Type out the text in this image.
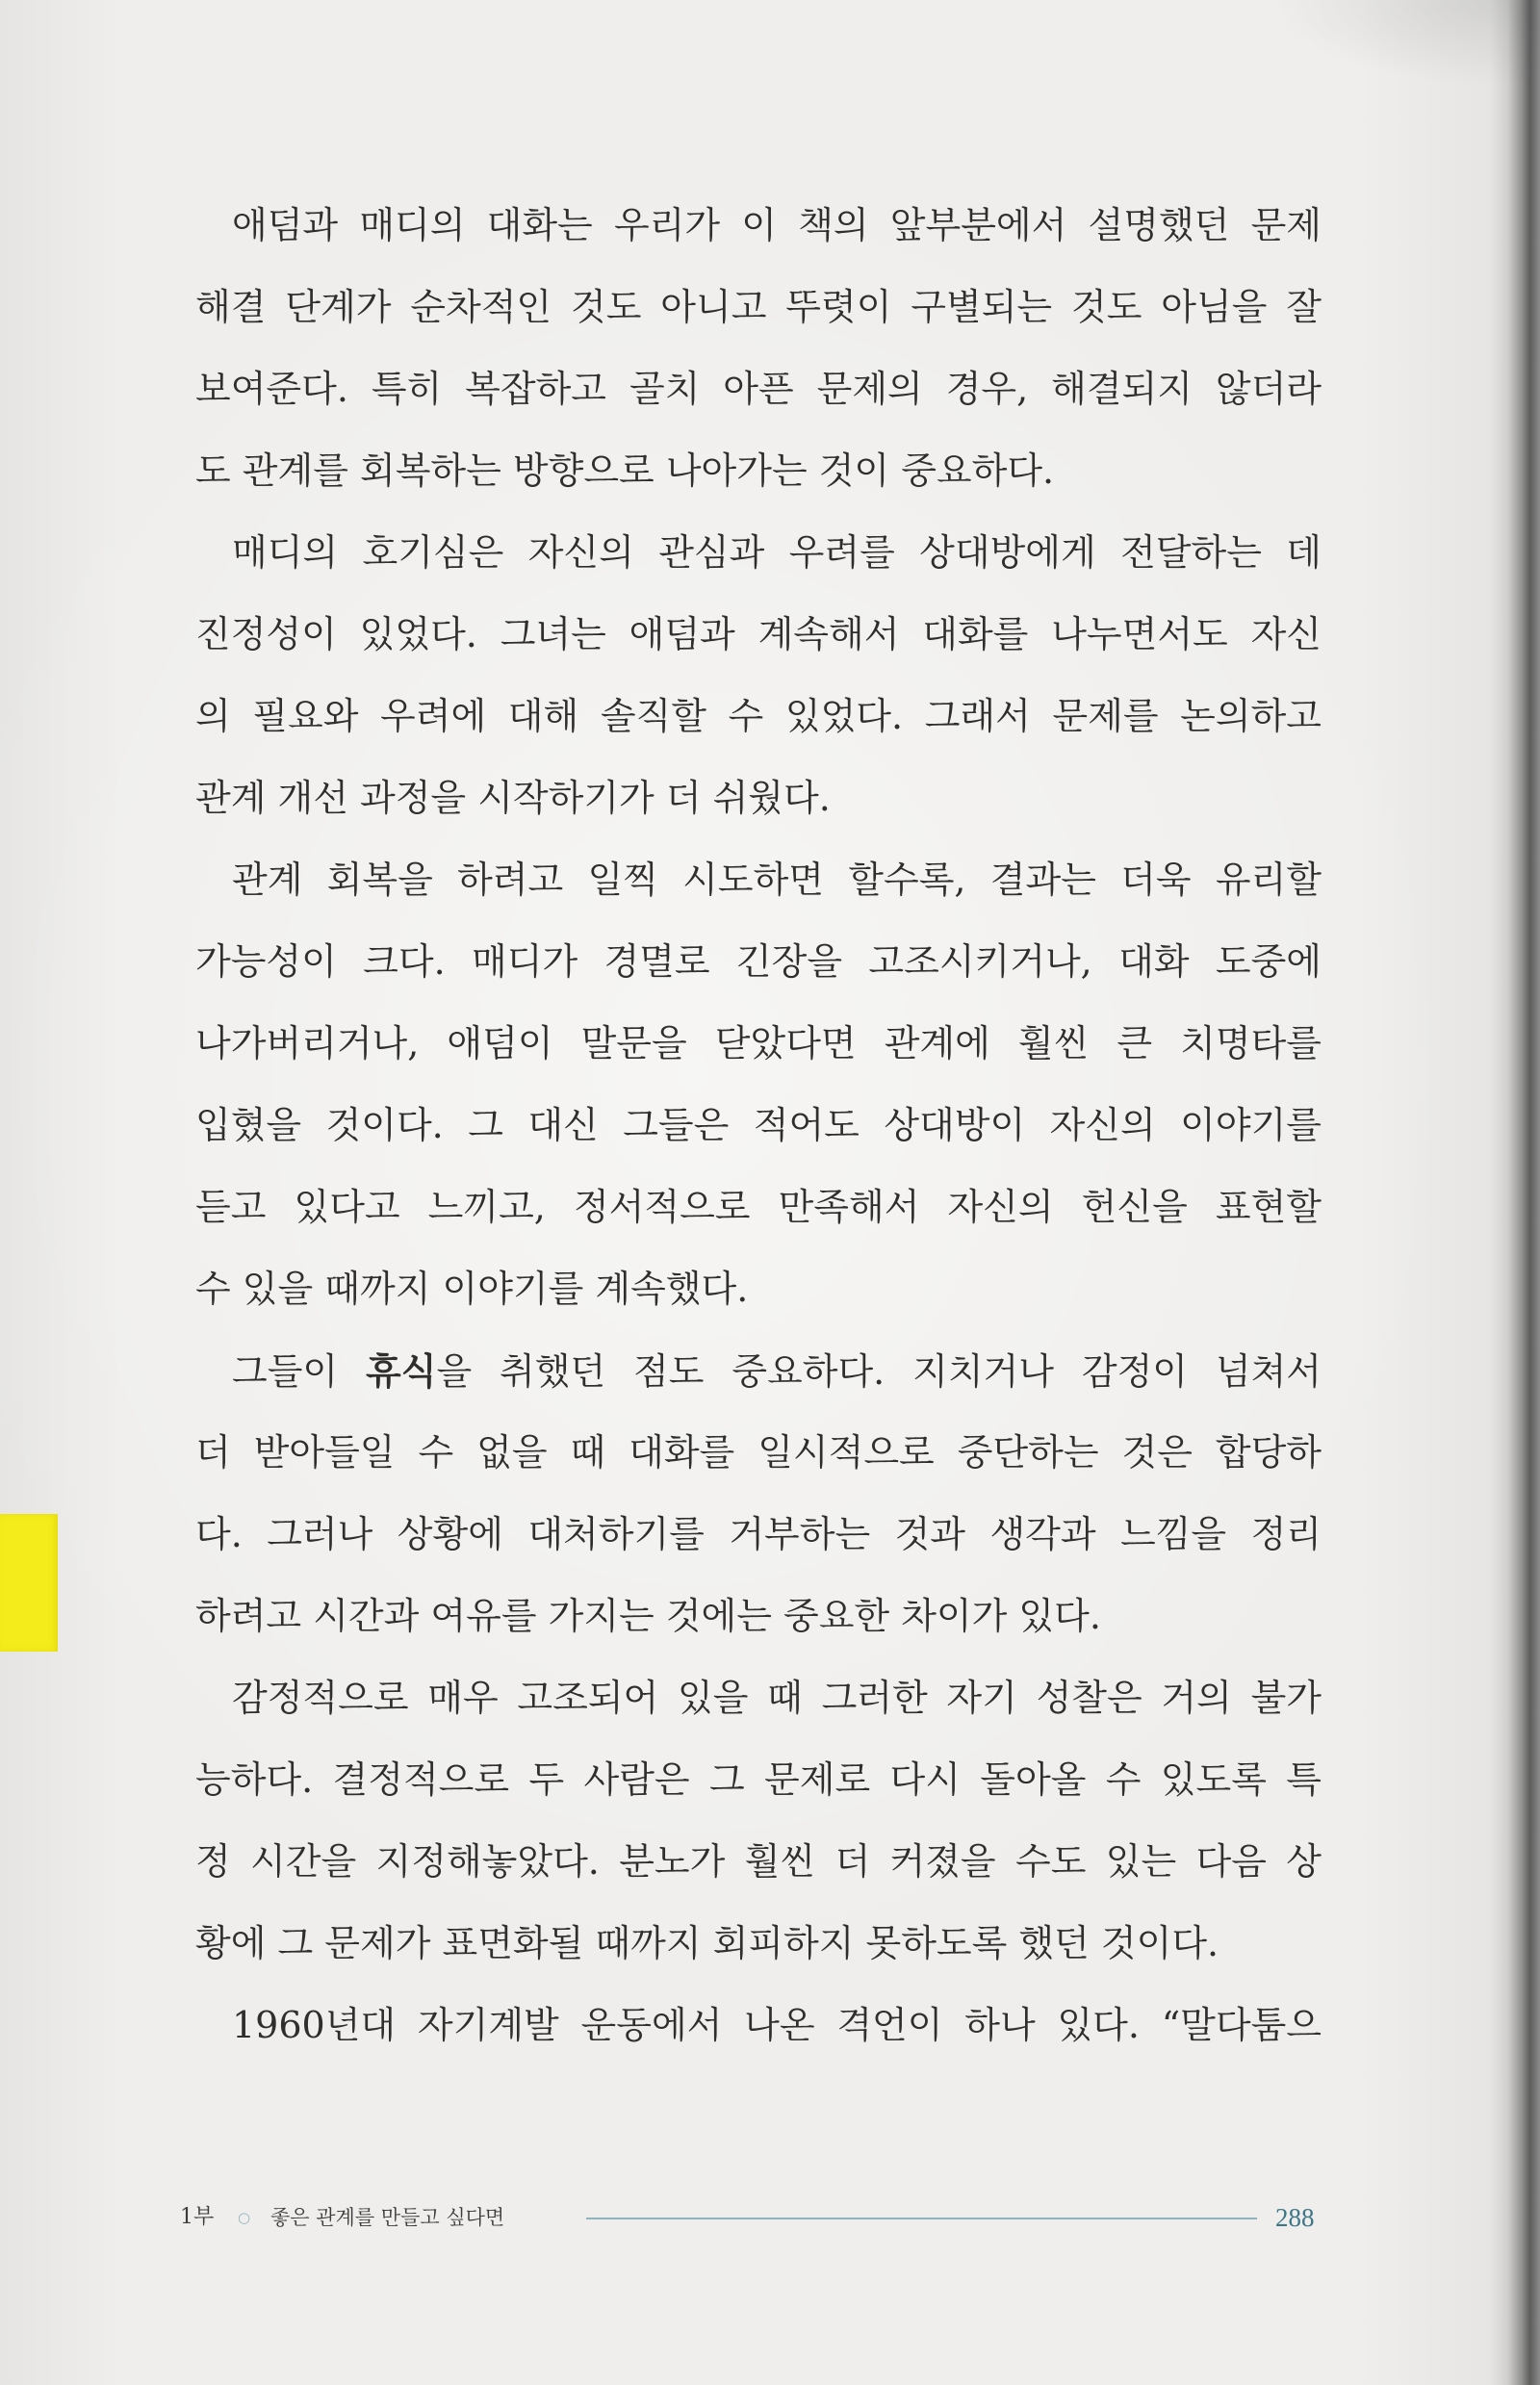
애덤과 매디의 대화는 우리가 이 책의 앞부분에서 설명했던 문제
해결 단계가 순차적인 것도 아니고 뚜렷이 구별되는 것도 아님을 잘
보여준다. 특히 복잡하고 골치 아픈 문제의 경우, 해결되지 않더라
도 관계를 회복하는 방향으로 나아가는 것이 중요하다.
매디의 호기심은 자신의 관심과 우려를 상대방에게 전달하는 데
진정성이 있었다. 그녀는 애덤과 계속해서 대화를 나누면서도 자신
의 필요와 우려에 대해 솔직할 수 있었다. 그래서 문제를 논의하고
관계 개선 과정을 시작하기가 더 쉬웠다.
관계 회복을 하려고 일찍 시도하면 할수록, 결과는 더욱 유리할
가능성이 크다. 매디가 경멸로 긴장을 고조시키거나, 대화 도중에
나가버리거나, 애덤이 말문을 닫았다면 관계에 훨씬 큰 치명타를
입혔을 것이다. 그 대신 그들은 적어도 상대방이 자신의 이야기를
듣고 있다고 느끼고, 정서적으로 만족해서 자신의 헌신을 표현할
수 있을 때까지 이야기를 계속했다.
그들이 휴식을 취했던 점도 중요하다. 지치거나 감정이 넘쳐서
더 받아들일 수 없을 때 대화를 일시적으로 중단하는 것은 합당하
다. 그러나 상황에 대처하기를 거부하는 것과 생각과 느낌을 정리
하려고 시간과 여유를 가지는 것에는 중요한 차이가 있다.
감정적으로 매우 고조되어 있을 때 그러한 자기 성찰은 거의 불가
능하다. 결정적으로 두 사람은 그 문제로 다시 돌아올 수 있도록 특
정 시간을 지정해놓았다. 분노가 훨씬 더 커졌을 수도 있는 다음 상
황에 그 문제가 표면화될 때까지 회피하지 못하도록 했던 것이다.
1960년대 자기계발 운동에서 나온 격언이 하나 있다. “말다툼으
1부 ○ 좋은 관계를 만들고 싶다면	288
